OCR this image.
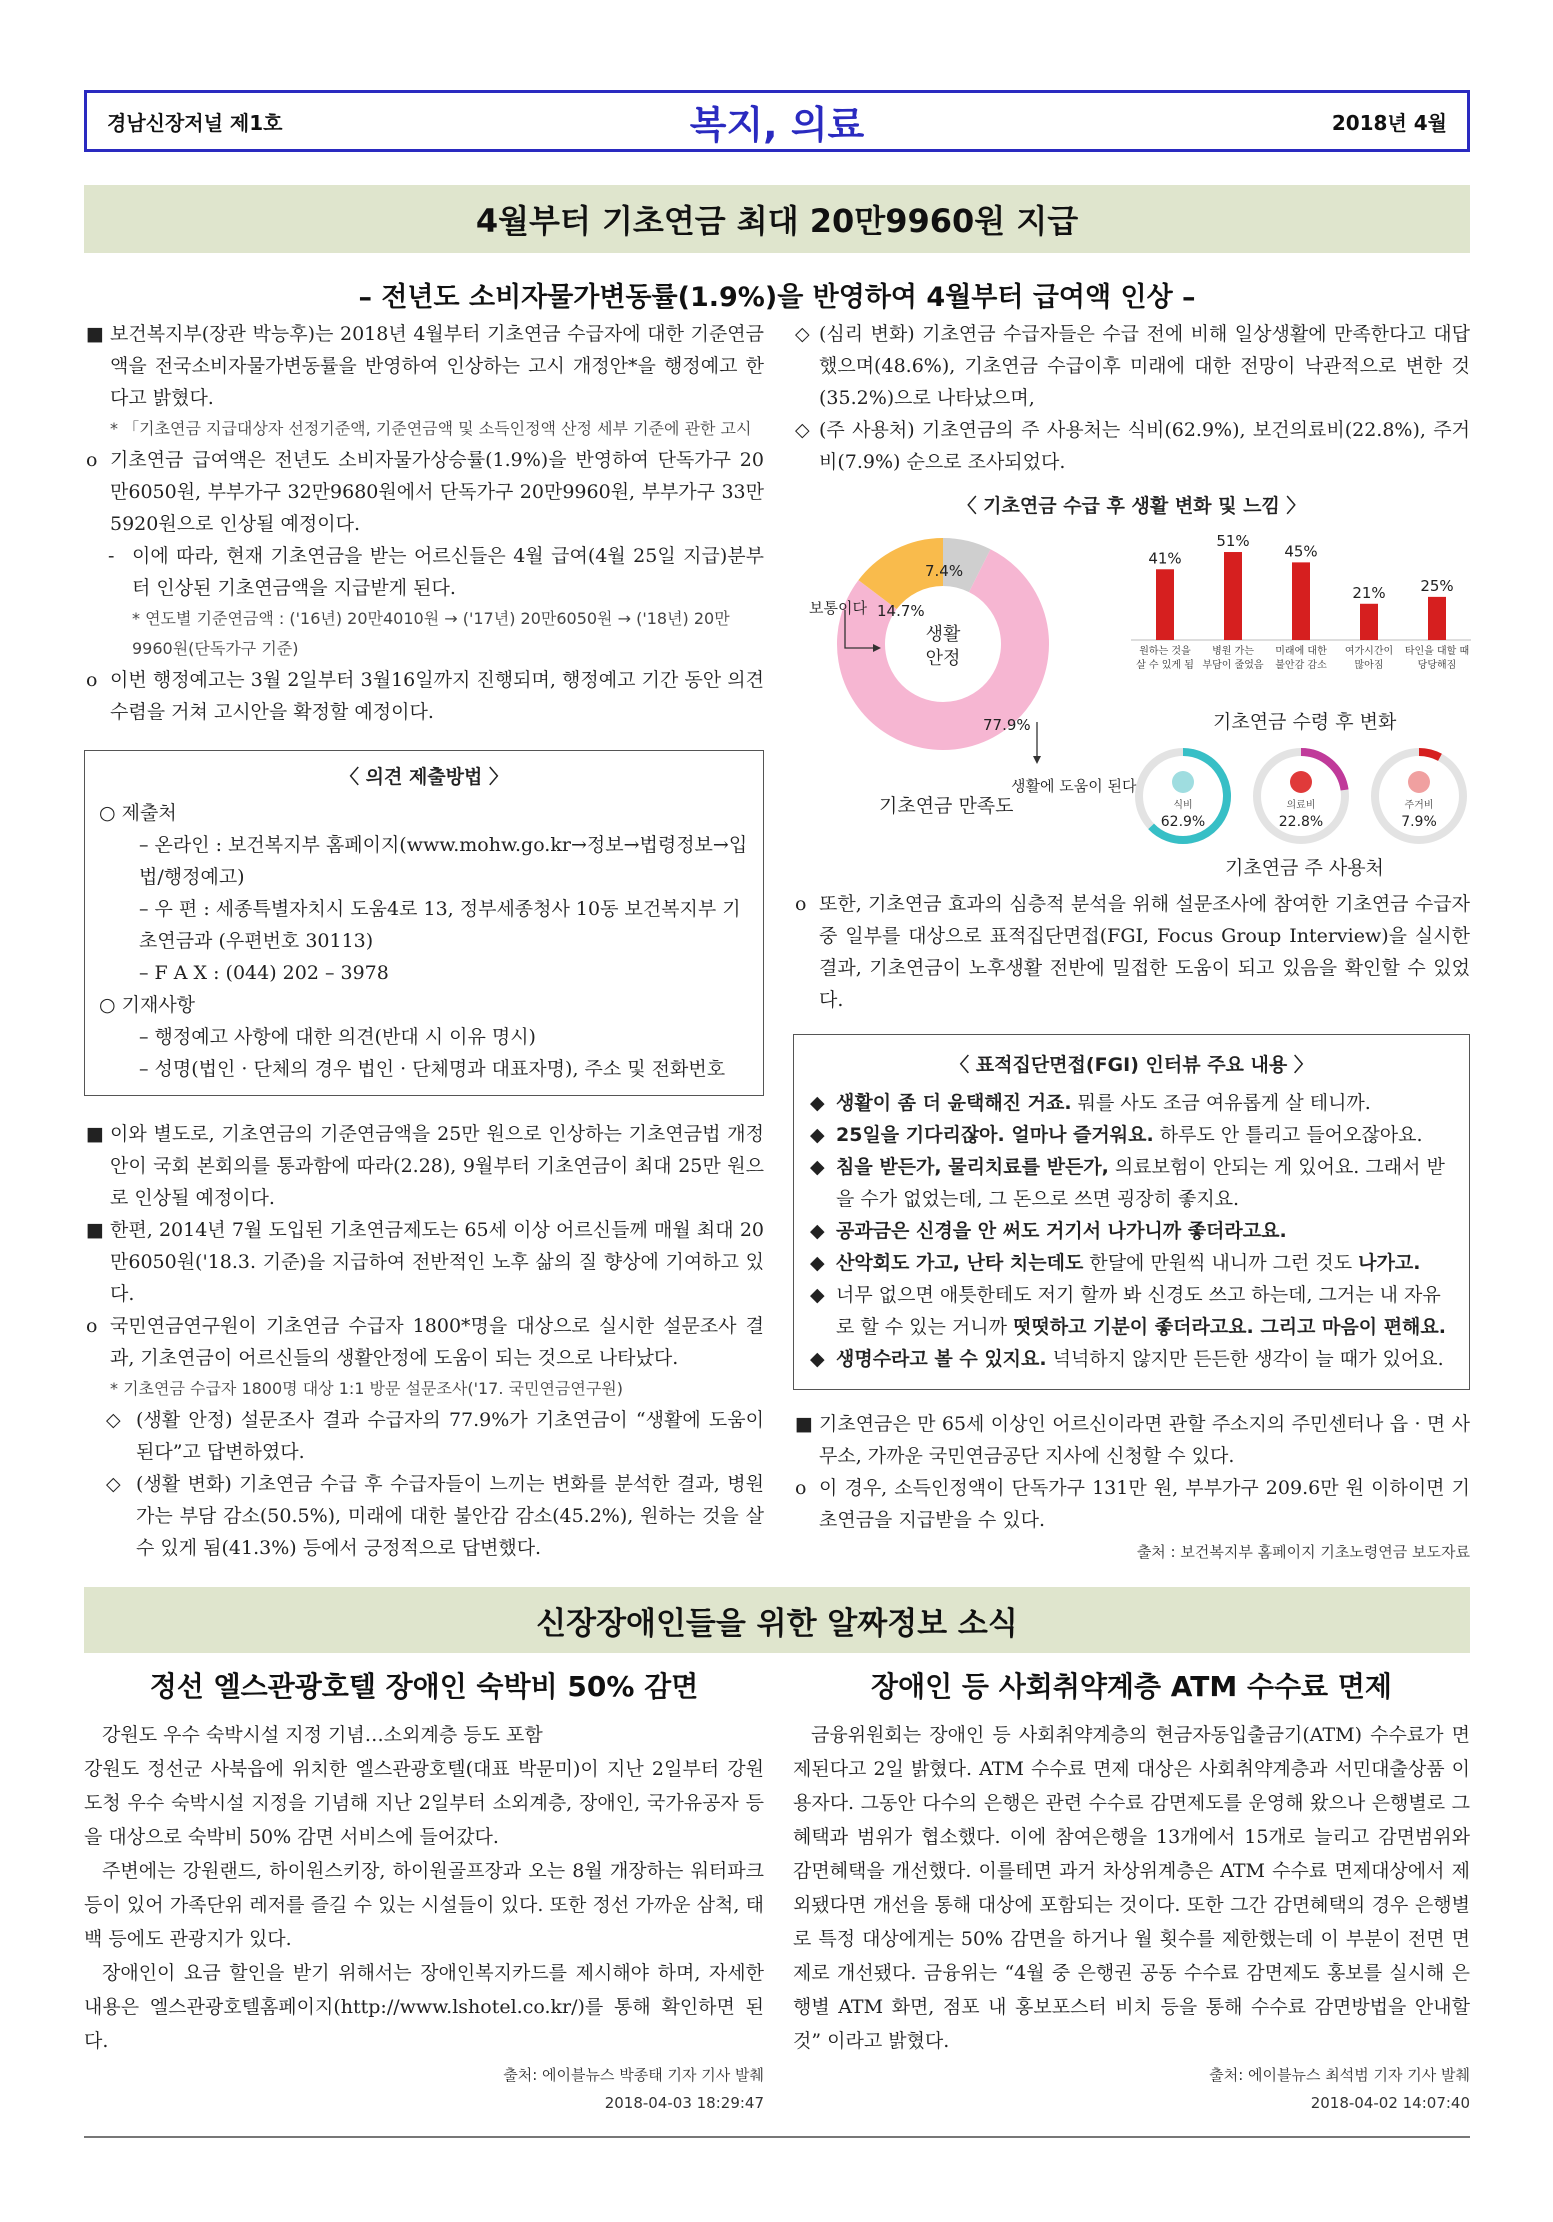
경남신장저널 제1호	복지, 의료	2018년 4월
4월부터 기초연금 최대 20만9960원 지급
– 전년도 소비자물가변동률(1.9%)을 반영하여 4월부터 급여액 인상 –
■ 보건복지부(장관 박능후)는 2018년 4월부터 기초연금 수급자에 대한 기준연금액을 전국소비자물가변동률을 반영하여 인상하는 고시 개정안*을 행정예고 한다고 밝혔다.
* 「기초연금 지급대상자 선정기준액, 기준연금액 및 소득인정액 산정 세부 기준에 관한 고시
o 기초연금 급여액은 전년도 소비자물가상승률(1.9%)을 반영하여 단독가구 20만6050원, 부부가구 32만9680원에서 단독가구 20만9960원, 부부가구 33만5920원으로 인상될 예정이다.
- 이에 따라, 현재 기초연금을 받는 어르신들은 4월 급여(4월 25일 지급)분부터 인상된 기초연금액을 지급받게 된다.
* 연도별 기준연금액 : ('16년) 20만4010원 → ('17년) 20만6050원 → ('18년) 20만9960원(단독가구 기준)
o 이번 행정예고는 3월 2일부터 3월16일까지 진행되며, 행정예고 기간 동안 의견수렴을 거쳐 고시안을 확정할 예정이다.
〈 의견 제출방법 〉
○ 제출처
– 온라인 : 보건복지부 홈페이지(www.mohw.go.kr→정보→법령정보→입법/행정예고)
– 우 편 : 세종특별자치시 도움4로 13, 정부세종청사 10동 보건복지부 기초연금과 (우편번호 30113)
– F A X : (044) 202 – 3978
○ 기재사항
– 행정예고 사항에 대한 의견(반대 시 이유 명시)
– 성명(법인 · 단체의 경우 법인 · 단체명과 대표자명), 주소 및 전화번호
■ 이와 별도로, 기초연금의 기준연금액을 25만 원으로 인상하는 기초연금법 개정안이 국회 본회의를 통과함에 따라(2.28), 9월부터 기초연금이 최대 25만 원으로 인상될 예정이다.
■ 한편, 2014년 7월 도입된 기초연금제도는 65세 이상 어르신들께 매월 최대 20만6050원('18.3. 기준)을 지급하여 전반적인 노후 삶의 질 향상에 기여하고 있다.
o 국민연금연구원이 기초연금 수급자 1800*명을 대상으로 실시한 설문조사 결과, 기초연금이 어르신들의 생활안정에 도움이 되는 것으로 나타났다.
* 기초연금 수급자 1800명 대상 1:1 방문 설문조사('17. 국민연금연구원)
◇ (생활 안정) 설문조사 결과 수급자의 77.9%가 기초연금이 “생활에 도움이 된다”고 답변하였다.
◇ (생활 변화) 기초연금 수급 후 수급자들이 느끼는 변화를 분석한 결과, 병원 가는 부담 감소(50.5%), 미래에 대한 불안감 감소(45.2%), 원하는 것을 살 수 있게 됨(41.3%) 등에서 긍정적으로 답변했다.
◇ (심리 변화) 기초연금 수급자들은 수급 전에 비해 일상생활에 만족한다고 대답했으며(48.6%), 기초연금 수급이후 미래에 대한 전망이 낙관적으로 변한 것(35.2%)으로 나타났으며,
◇ (주 사용처) 기초연금의 주 사용처는 식비(62.9%), 보건의료비(22.8%), 주거비(7.9%) 순으로 조사되었다.
〈 기초연금 수급 후 생활 변화 및 느낌 〉
77.9%
14.7%
7.4%
생활
안정
보통이다
생활에 도움이 된다
기초연금 만족도
41%
원하는 것을
살 수 있게 됨
51%
병원 가는
부담이 줄었음
45%
미래에 대한
불안감 감소
21%
여가시간이
많아짐
25%
타인을 대할 때
당당해짐
기초연금 수령 후 변화
식비
62.9%
의료비
22.8%
주거비
7.9%
기초연금 주 사용처
o 또한, 기초연금 효과의 심층적 분석을 위해 설문조사에 참여한 기초연금 수급자 중 일부를 대상으로 표적집단면접(FGI, Focus Group Interview)을 실시한 결과, 기초연금이 노후생활 전반에 밀접한 도움이 되고 있음을 확인할 수 있었다.
〈 표적집단면접(FGI) 인터뷰 주요 내용 〉
◆ 생활이 좀 더 윤택해진 거죠. 뭐를 사도 조금 여유롭게 살 테니까.
◆ 25일을 기다리잖아. 얼마나 즐거워요. 하루도 안 틀리고 들어오잖아요.
◆ 침을 받든가, 물리치료를 받든가, 의료보험이 안되는 게 있어요. 그래서 받을 수가 없었는데, 그 돈으로 쓰면 굉장히 좋지요.
◆ 공과금은 신경을 안 써도 거기서 나가니까 좋더라고요.
◆ 산악회도 가고, 난타 치는데도 한달에 만원씩 내니까 그런 것도 나가고.
◆ 너무 없으면 애틋한테도 저기 할까 봐 신경도 쓰고 하는데, 그거는 내 자유로 할 수 있는 거니까 떳떳하고 기분이 좋더라고요. 그리고 마음이 편해요.
◆ 생명수라고 볼 수 있지요. 넉넉하지 않지만 든든한 생각이 늘 때가 있어요.
■ 기초연금은 만 65세 이상인 어르신이라면 관할 주소지의 주민센터나 읍 · 면 사무소, 가까운 국민연금공단 지사에 신청할 수 있다.
o 이 경우, 소득인정액이 단독가구 131만 원, 부부가구 209.6만 원 이하이면 기초연금을 지급받을 수 있다.
출처 : 보건복지부 홈페이지 기초노령연금 보도자료
신장장애인들을 위한 알짜정보 소식
정선 엘스관광호텔 장애인 숙박비 50% 감면
강원도 우수 숙박시설 지정 기념…소외계층 등도 포함
강원도 정선군 사북읍에 위치한 엘스관광호텔(대표 박문미)이 지난 2일부터 강원도청 우수 숙박시설 지정을 기념해 지난 2일부터 소외계층, 장애인, 국가유공자 등을 대상으로 숙박비 50% 감면 서비스에 들어갔다.
주변에는 강원랜드, 하이원스키장, 하이원골프장과 오는 8월 개장하는 워터파크 등이 있어 가족단위 레저를 즐길 수 있는 시설들이 있다. 또한 정선 가까운 삼척, 태백 등에도 관광지가 있다.
장애인이 요금 할인을 받기 위해서는 장애인복지카드를 제시해야 하며, 자세한 내용은 엘스관광호텔홈페이지(http://www.lshotel.co.kr/)를 통해 확인하면 된다.
출처: 에이블뉴스 박종태 기자 기사 발췌
2018-04-03 18:29:47
장애인 등 사회취약계층 ATM 수수료 면제
금융위원회는 장애인 등 사회취약계층의 현금자동입출금기(ATM) 수수료가 면제된다고 2일 밝혔다. ATM 수수료 면제 대상은 사회취약계층과 서민대출상품 이용자다. 그동안 다수의 은행은 관련 수수료 감면제도를 운영해 왔으나 은행별로 그 혜택과 범위가 협소했다. 이에 참여은행을 13개에서 15개로 늘리고 감면범위와 감면혜택을 개선했다. 이를테면 과거 차상위계층은 ATM 수수료 면제대상에서 제외됐다면 개선을 통해 대상에 포함되는 것이다. 또한 그간 감면혜택의 경우 은행별로 특정 대상에게는 50% 감면을 하거나 월 횟수를 제한했는데 이 부분이 전면 면제로 개선됐다. 금융위는 “4월 중 은행권 공동 수수료 감면제도 홍보를 실시해 은행별 ATM 화면, 점포 내 홍보포스터 비치 등을 통해 수수료 감면방법을 안내할 것” 이라고 밝혔다.
출처: 에이블뉴스 최석범 기자 기사 발췌
2018-04-02 14:07:40
